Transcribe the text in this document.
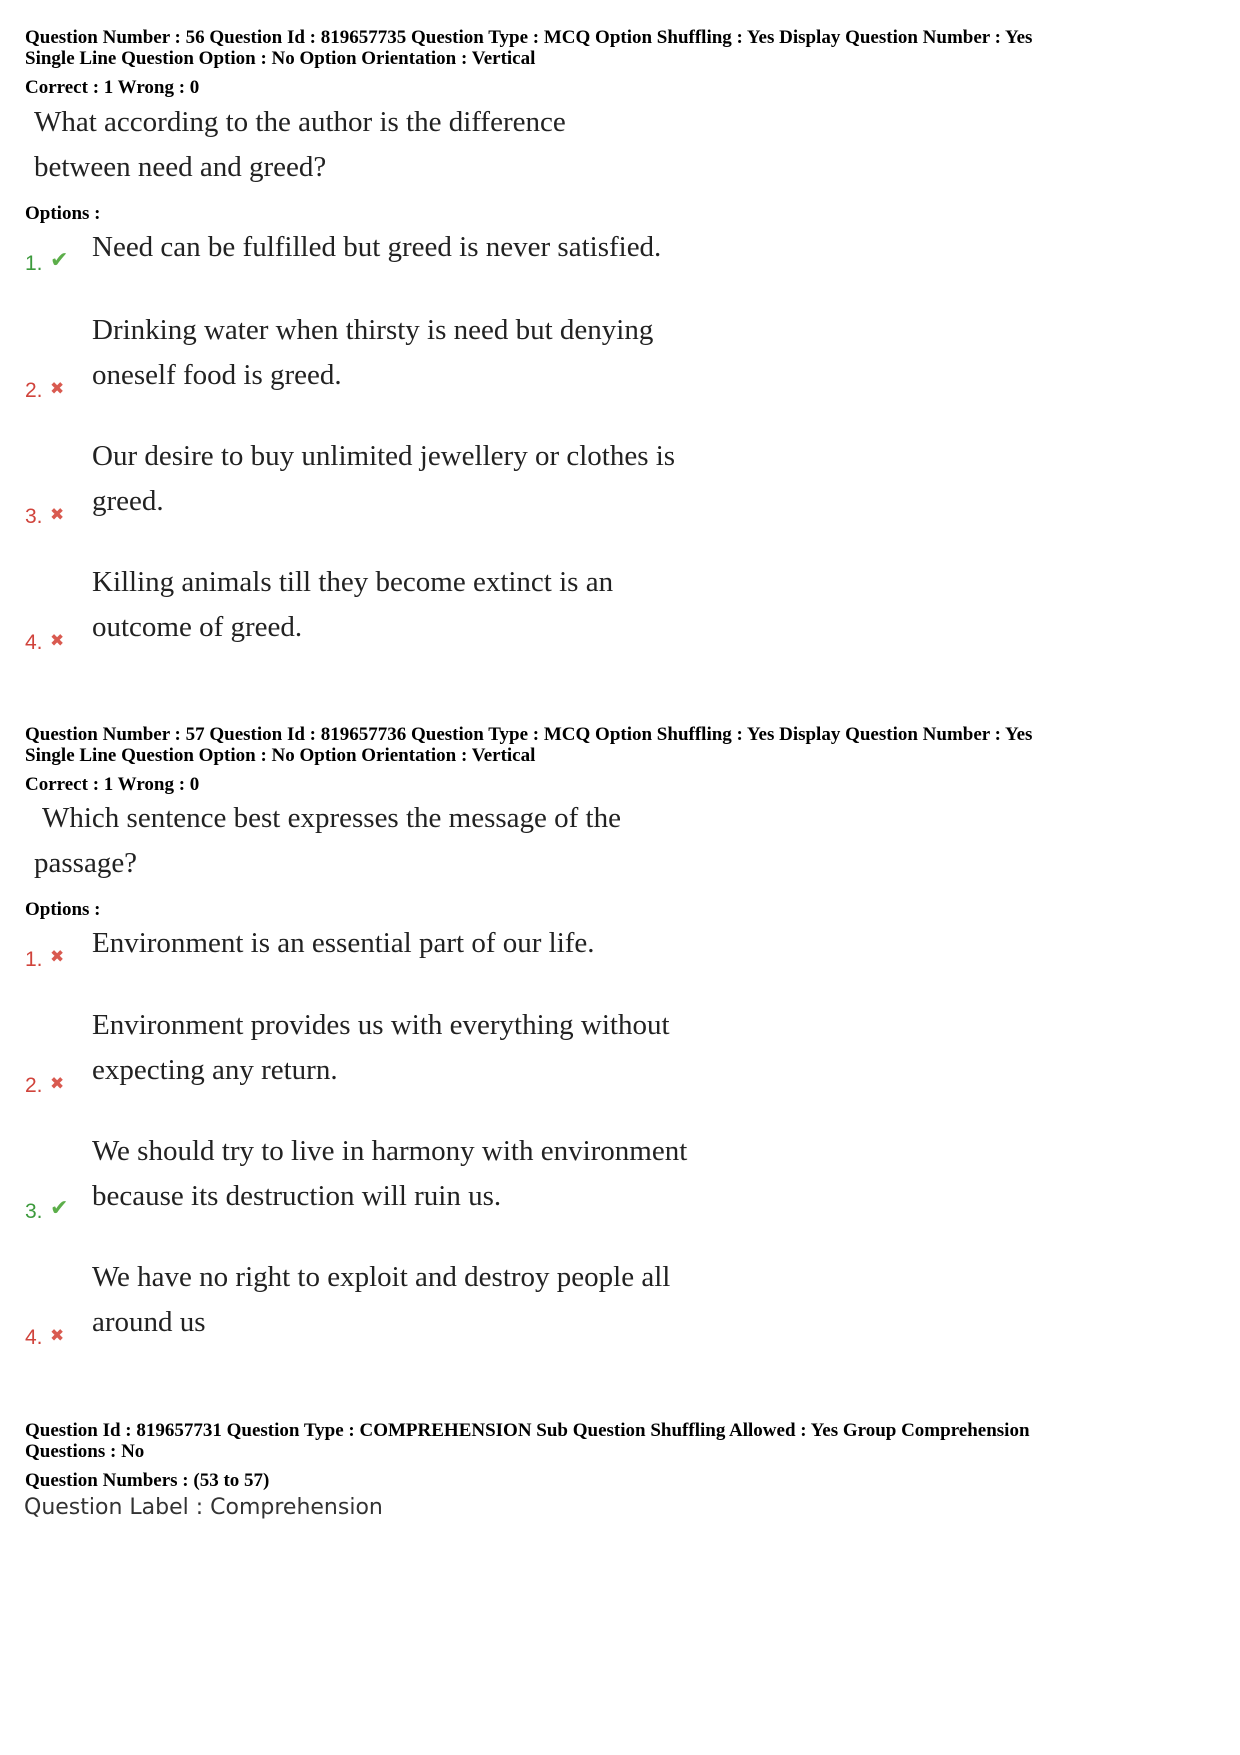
Question Number : 56 Question Id : 819657735 Question Type : MCQ Option Shuffling : Yes Display Question Number : Yes
Single Line Question Option : No Option Orientation : Vertical
Correct : 1 Wrong : 0
What according to the author is the difference
between need and greed?
Options :
1. ✔ Need can be fulfilled but greed is never satisfied.
Drinking water when thirsty is need but denying
2. ✖ oneself food is greed.
Our desire to buy unlimited jewellery or clothes is
3. ✖ greed.
Killing animals till they become extinct is an
4. ✖ outcome of greed.
Question Number : 57 Question Id : 819657736 Question Type : MCQ Option Shuffling : Yes Display Question Number : Yes
Single Line Question Option : No Option Orientation : Vertical
Correct : 1 Wrong : 0
Which sentence best expresses the message of the
passage?
Options :
1. ✖ Environment is an essential part of our life.
Environment provides us with everything without
2. ✖ expecting any return.
We should try to live in harmony with environment
3. ✔ because its destruction will ruin us.
We have no right to exploit and destroy people all
4. ✖ around us
Question Id : 819657731 Question Type : COMPREHENSION Sub Question Shuffling Allowed : Yes Group Comprehension
Questions : No
Question Numbers : (53 to 57)
Question Label : Comprehension
